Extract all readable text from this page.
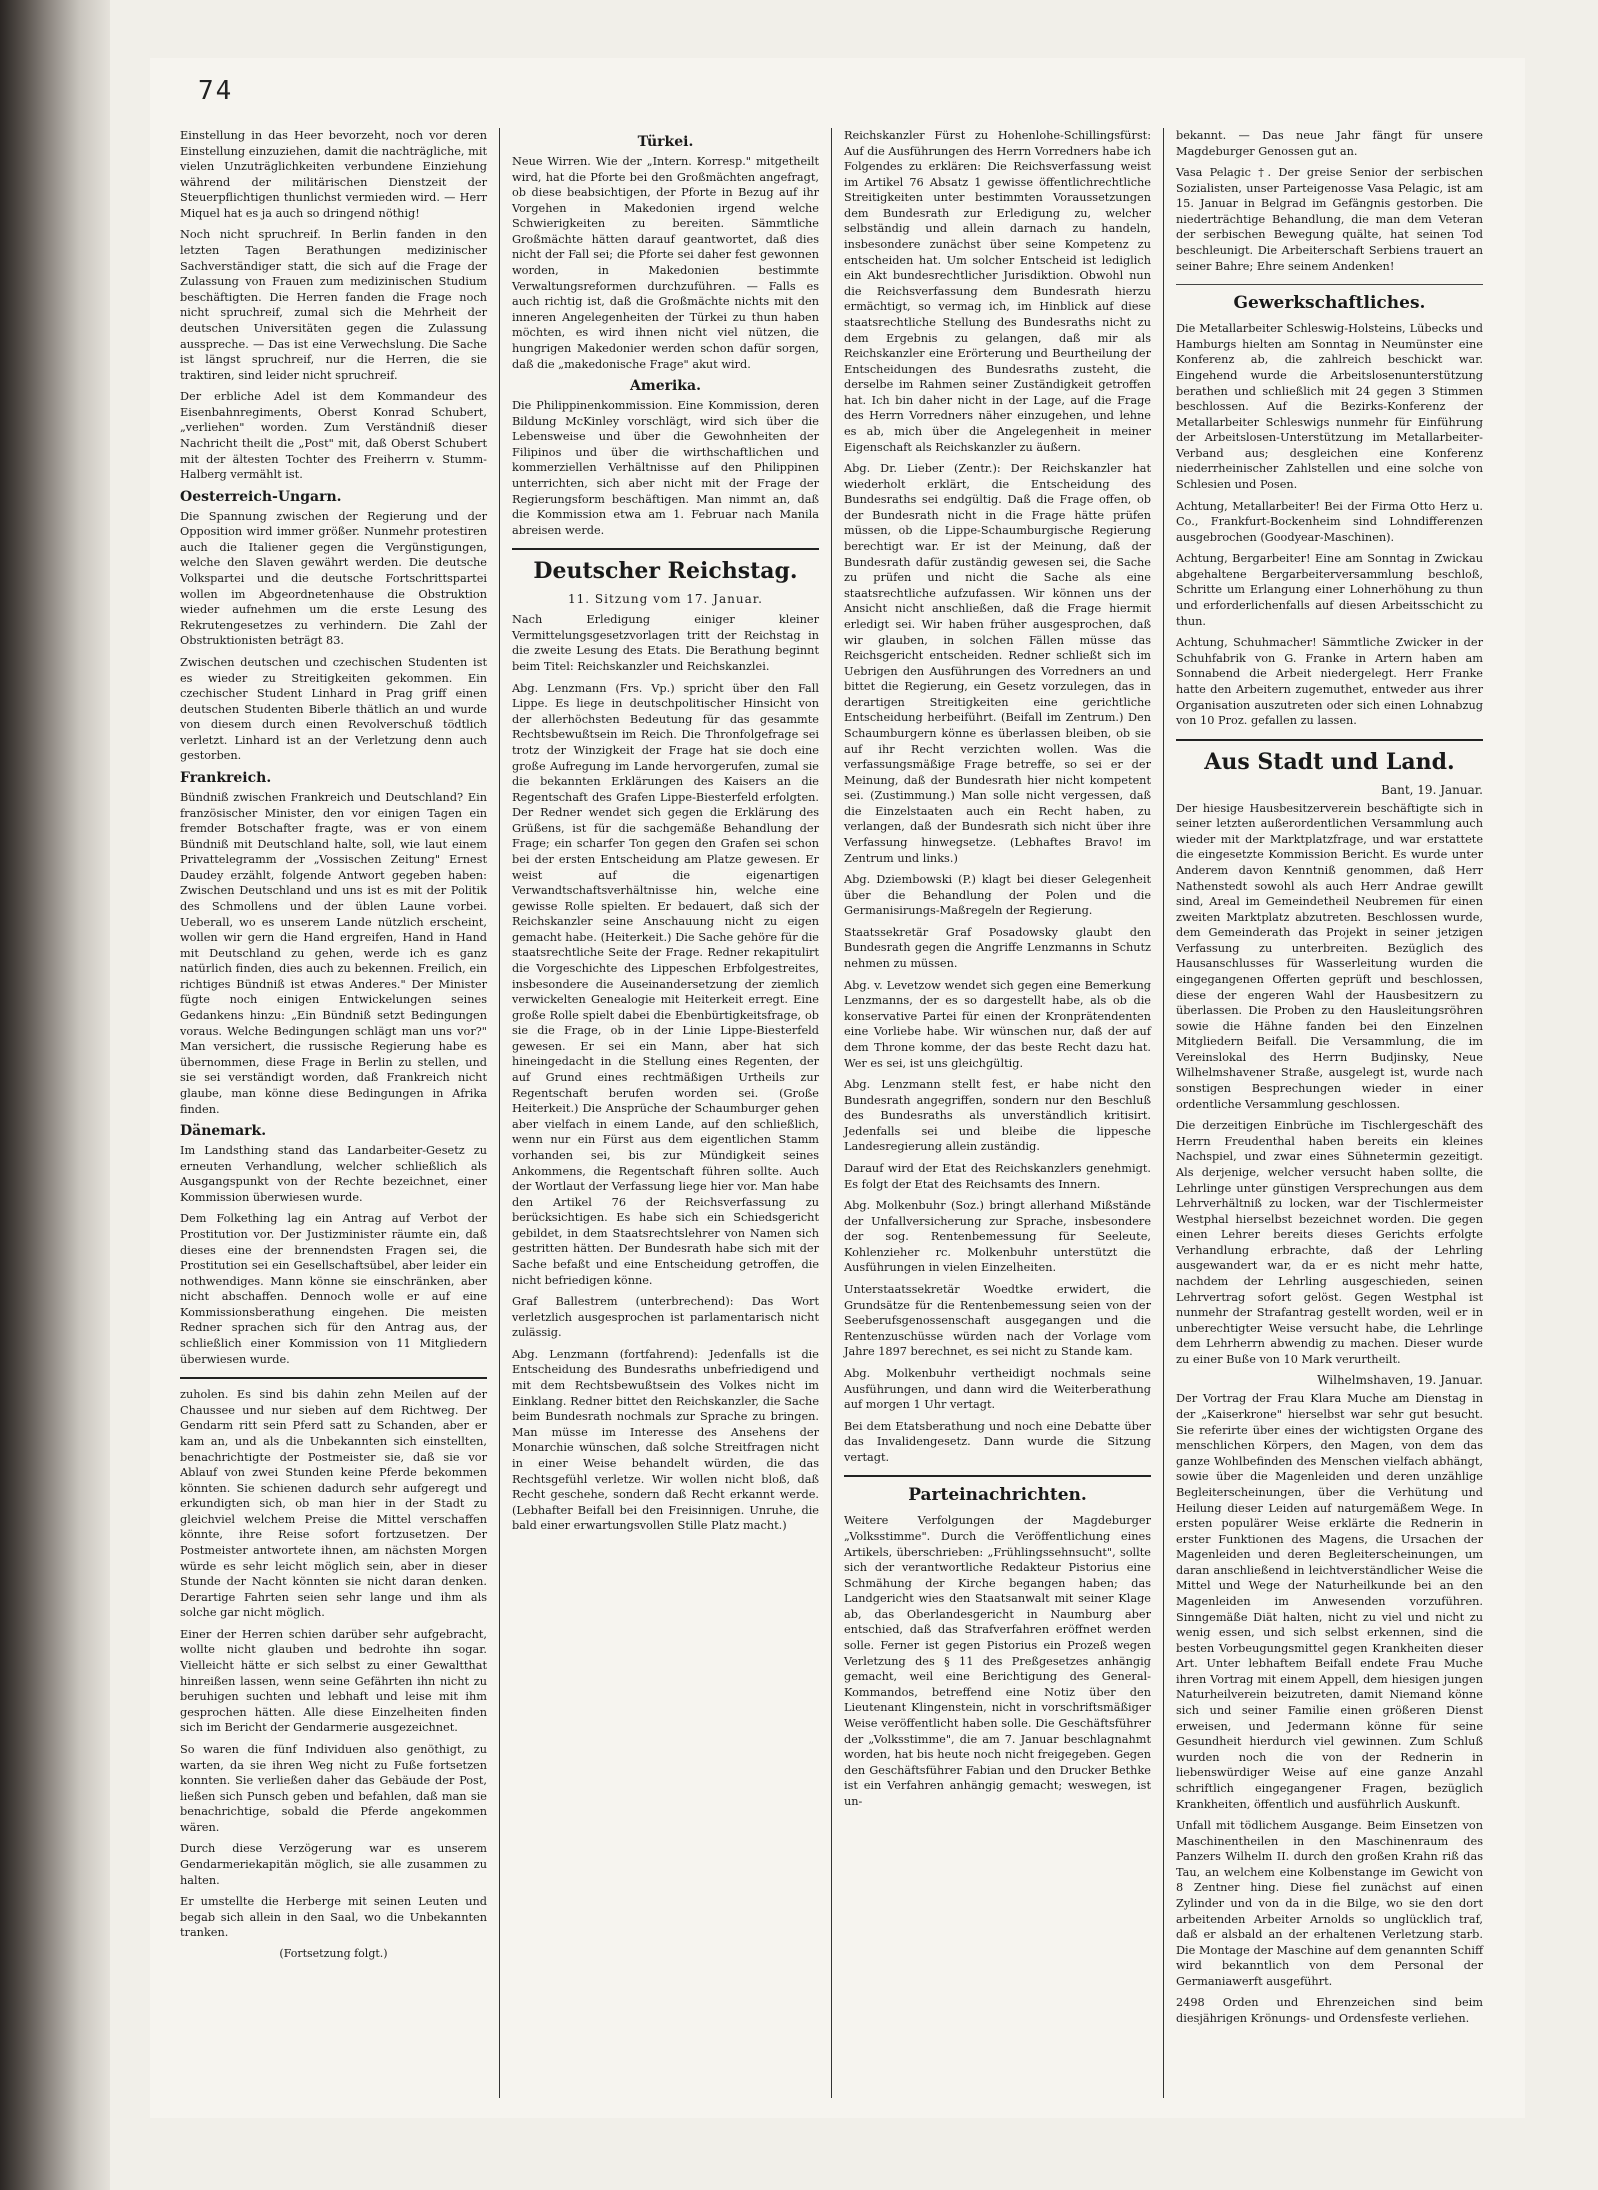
74

Einstellung in das Heer bevorzeht, noch vor deren Einstellung einzuziehen, damit die nachträgliche, mit vielen Unzuträglichkeiten verbundene Einziehung während der militärischen Dienstzeit der Steuerpflichtigen thunlichst vermieden wird. — Herr Miquel hat es ja auch so dringend nöthig!

Noch nicht spruchreif. In Berlin fanden in den letzten Tagen Berathungen medizinischer Sachverständiger statt, die sich auf die Frage der Zulassung von Frauen zum medizinischen Studium beschäftigten. Die Herren fanden die Frage noch nicht spruchreif, zumal sich die Mehrheit der deutschen Universitäten gegen die Zulassung ausspreche. — Das ist eine Verwechslung. Die Sache ist längst spruchreif, nur die Herren, die sie traktiren, sind leider nicht spruchreif.

Der erbliche Adel ist dem Kommandeur des Eisenbahnregiments, Oberst Konrad Schubert, „verliehen" worden. Zum Verständniß dieser Nachricht theilt die „Post" mit, daß Oberst Schubert mit der ältesten Tochter des Freiherrn v. Stumm-Halberg vermählt ist.

Oesterreich-Ungarn.

Die Spannung zwischen der Regierung und der Opposition wird immer größer. Nunmehr protestiren auch die Italiener gegen die Vergünstigungen, welche den Slaven gewährt werden. Die deutsche Volkspartei und die deutsche Fortschrittspartei wollen im Abgeordnetenhause die Obstruktion wieder aufnehmen um die erste Lesung des Rekrutengesetzes zu verhindern. Die Zahl der Obstruktionisten beträgt 83.

Zwischen deutschen und czechischen Studenten ist es wieder zu Streitigkeiten gekommen. Ein czechischer Student Linhard in Prag griff einen deutschen Studenten Biberle thätlich an und wurde von diesem durch einen Revolverschuß tödtlich verletzt. Linhard ist an der Verletzung denn auch gestorben.

Frankreich.

Bündniß zwischen Frankreich und Deutschland? Ein französischer Minister, den vor einigen Tagen ein fremder Botschafter fragte, was er von einem Bündniß mit Deutschland halte, soll, wie laut einem Privattelegramm der „Vossischen Zeitung" Ernest Daudey erzählt, folgende Antwort gegeben haben: Zwischen Deutschland und uns ist es mit der Politik des Schmollens und der üblen Laune vorbei. Ueberall, wo es unserem Lande nützlich erscheint, wollen wir gern die Hand ergreifen, Hand in Hand mit Deutschland zu gehen, werde ich es ganz natürlich finden, dies auch zu bekennen. Freilich, ein richtiges Bündniß ist etwas Anderes." Der Minister fügte noch einigen Entwickelungen seines Gedankens hinzu: „Ein Bündniß setzt Bedingungen voraus. Welche Bedingungen schlägt man uns vor?" Man versichert, die russische Regierung habe es übernommen, diese Frage in Berlin zu stellen, und sie sei verständigt worden, daß Frankreich nicht glaube, man könne diese Bedingungen in Afrika finden.

Dänemark.

Im Landsthing stand das Landarbeiter-Gesetz zu erneuten Verhandlung, welcher schließlich als Ausgangspunkt von der Rechte bezeichnet, einer Kommission überwiesen wurde.

Dem Folkething lag ein Antrag auf Verbot der Prostitution vor. Der Justizminister räumte ein, daß dieses eine der brennendsten Fragen sei, die Prostitution sei ein Gesellschaftsübel, aber leider ein nothwendiges. Mann könne sie einschränken, aber nicht abschaffen. Dennoch wolle er auf eine Kommissionsberathung eingehen. Die meisten Redner sprachen sich für den Antrag aus, der schließlich einer Kommission von 11 Mitgliedern überwiesen wurde.

zuholen. Es sind bis dahin zehn Meilen auf der Chaussee und nur sieben auf dem Richtweg. Der Gendarm ritt sein Pferd satt zu Schanden, aber er kam an, und als die Unbekannten sich einstellten, benachrichtigte der Postmeister sie, daß sie vor Ablauf von zwei Stunden keine Pferde bekommen könnten. Sie schienen dadurch sehr aufgeregt und erkundigten sich, ob man hier in der Stadt zu gleichviel welchem Preise die Mittel verschaffen könnte, ihre Reise sofort fortzusetzen. Der Postmeister antwortete ihnen, am nächsten Morgen würde es sehr leicht möglich sein, aber in dieser Stunde der Nacht könnten sie nicht daran denken. Derartige Fahrten seien sehr lange und ihm als solche gar nicht möglich.

Einer der Herren schien darüber sehr aufgebracht, wollte nicht glauben und bedrohte ihn sogar. Vielleicht hätte er sich selbst zu einer Gewaltthat hinreißen lassen, wenn seine Gefährten ihn nicht zu beruhigen suchten und lebhaft und leise mit ihm gesprochen hätten. Alle diese Einzelheiten finden sich im Bericht der Gendarmerie ausgezeichnet.

So waren die fünf Individuen also genöthigt, zu warten, da sie ihren Weg nicht zu Fuße fortsetzen konnten. Sie verließen daher das Gebäude der Post, ließen sich Punsch geben und befahlen, daß man sie benachrichtige, sobald die Pferde angekommen wären.

Durch diese Verzögerung war es unserem Gendarmeriekapitän möglich, sie alle zusammen zu halten.

Er umstellte die Herberge mit seinen Leuten und begab sich allein in den Saal, wo die Unbekannten tranken.

(Fortsetzung folgt.)
Türkei.

Neue Wirren. Wie der „Intern. Korresp." mitgetheilt wird, hat die Pforte bei den Großmächten angefragt, ob diese beabsichtigen, der Pforte in Bezug auf ihr Vorgehen in Makedonien irgend welche Schwierigkeiten zu bereiten. Sämmtliche Großmächte hätten darauf geantwortet, daß dies nicht der Fall sei; die Pforte sei daher fest gewonnen worden, in Makedonien bestimmte Verwaltungsreformen durchzuführen. — Falls es auch richtig ist, daß die Großmächte nichts mit den inneren Angelegenheiten der Türkei zu thun haben möchten, es wird ihnen nicht viel nützen, die hungrigen Makedonier werden schon dafür sorgen, daß die „makedonische Frage" akut wird.

Amerika.

Die Philippinenkommission. Eine Kommission, deren Bildung McKinley vorschlägt, wird sich über die Lebensweise und über die Gewohnheiten der Filipinos und über die wirthschaftlichen und kommerziellen Verhältnisse auf den Philippinen unterrichten, sich aber nicht mit der Frage der Regierungsform beschäftigen. Man nimmt an, daß die Kommission etwa am 1. Februar nach Manila abreisen werde.

Deutscher Reichstag.
11. Sitzung vom 17. Januar.

Nach Erledigung einiger kleiner Vermittelungsgesetzvorlagen tritt der Reichstag in die zweite Lesung des Etats. Die Berathung beginnt beim Titel: Reichskanzler und Reichskanzlei.

Abg. Lenzmann (Frs. Vp.) spricht über den Fall Lippe. Es liege in deutschpolitischer Hinsicht von der allerhöchsten Bedeutung für das gesammte Rechtsbewußtsein im Reich. Die Thronfolgefrage sei trotz der Winzigkeit der Frage hat sie doch eine große Aufregung im Lande hervorgerufen, zumal sie die bekannten Erklärungen des Kaisers an die Regentschaft des Grafen Lippe-Biesterfeld erfolgten. Der Redner wendet sich gegen die Erklärung des Grüßens, ist für die sachgemäße Behandlung der Frage; ein scharfer Ton gegen den Grafen sei schon bei der ersten Entscheidung am Platze gewesen. Er weist auf die eigenartigen Verwandtschaftsverhältnisse hin, welche eine gewisse Rolle spielten. Er bedauert, daß sich der Reichskanzler seine Anschauung nicht zu eigen gemacht habe. (Heiterkeit.) Die Sache gehöre für die staatsrechtliche Seite der Frage. Redner rekapitulirt die Vorgeschichte des Lippeschen Erbfolgestreites, insbesondere die Auseinandersetzung der ziemlich verwickelten Genealogie mit Heiterkeit erregt. Eine große Rolle spielt dabei die Ebenbürtigkeitsfrage, ob sie die Frage, ob in der Linie Lippe-Biesterfeld gewesen. Er sei ein Mann, aber hat sich hineingedacht in die Stellung eines Regenten, der auf Grund eines rechtmäßigen Urtheils zur Regentschaft berufen worden sei. (Große Heiterkeit.) Die Ansprüche der Schaumburger gehen aber vielfach in einem Lande, auf den schließlich, wenn nur ein Fürst aus dem eigentlichen Stamm vorhanden sei, bis zur Mündigkeit seines Ankommens, die Regentschaft führen sollte. Auch der Wortlaut der Verfassung liege hier vor. Man habe den Artikel 76 der Reichsverfassung zu berücksichtigen. Es habe sich ein Schiedsgericht gebildet, in dem Staatsrechtslehrer von Namen sich gestritten hätten. Der Bundesrath habe sich mit der Sache befaßt und eine Entscheidung getroffen, die nicht befriedigen könne.

Graf Ballestrem (unterbrechend): Das Wort verletzlich ausgesprochen ist parlamentarisch nicht zulässig.

Abg. Lenzmann (fortfahrend): Jedenfalls ist die Entscheidung des Bundesraths unbefriedigend und mit dem Rechtsbewußtsein des Volkes nicht im Einklang. Redner bittet den Reichskanzler, die Sache beim Bundesrath nochmals zur Sprache zu bringen. Man müsse im Interesse des Ansehens der Monarchie wünschen, daß solche Streitfragen nicht in einer Weise behandelt würden, die das Rechtsgefühl verletze. Wir wollen nicht bloß, daß Recht geschehe, sondern daß Recht erkannt werde. (Lebhafter Beifall bei den Freisinnigen. Unruhe, die bald einer erwartungsvollen Stille Platz macht.)

Reichskanzler Fürst zu Hohenlohe-Schillingsfürst: Auf die Ausführungen des Herrn Vorredners habe ich Folgendes zu erklären: Die Reichsverfassung weist im Artikel 76 Absatz 1 gewisse öffentlichrechtliche Streitigkeiten unter bestimmten Voraussetzungen dem Bundesrath zur Erledigung zu, welcher selbständig und allein darnach zu handeln, insbesondere zunächst über seine Kompetenz zu entscheiden hat. Um solcher Entscheid ist lediglich ein Akt bundesrechtlicher Jurisdiktion. Obwohl nun die Reichsverfassung dem Bundesrath hierzu ermächtigt, so vermag ich, im Hinblick auf diese staatsrechtliche Stellung des Bundesraths nicht zu dem Ergebnis zu gelangen, daß mir als Reichskanzler eine Erörterung und Beurtheilung der Entscheidungen des Bundesraths zusteht, die derselbe im Rahmen seiner Zuständigkeit getroffen hat. Ich bin daher nicht in der Lage, auf die Frage des Herrn Vorredners näher einzugehen, und lehne es ab, mich über die Angelegenheit in meiner Eigenschaft als Reichskanzler zu äußern.

Abg. Dr. Lieber (Zentr.): Der Reichskanzler hat wiederholt erklärt, die Entscheidung des Bundesraths sei endgültig. Daß die Frage offen, ob der Bundesrath nicht in die Frage hätte prüfen müssen, ob die Lippe-Schaumburgische Regierung berechtigt war. Er ist der Meinung, daß der Bundesrath dafür zuständig gewesen sei, die Sache zu prüfen und nicht die Sache als eine staatsrechtliche aufzufassen. Wir können uns der Ansicht nicht anschließen, daß die Frage hiermit erledigt sei. Wir haben früher ausgesprochen, daß wir glauben, in solchen Fällen müsse das Reichsgericht entscheiden. Redner schließt sich im Uebrigen den Ausführungen des Vorredners an und bittet die Regierung, ein Gesetz vorzulegen, das in derartigen Streitigkeiten eine gerichtliche Entscheidung herbeiführt. (Beifall im Zentrum.) Den Schaumburgern könne es überlassen bleiben, ob sie auf ihr Recht verzichten wollen. Was die verfassungsmäßige Frage betreffe, so sei er der Meinung, daß der Bundesrath hier nicht kompetent sei. (Zustimmung.) Man solle nicht vergessen, daß die Einzelstaaten auch ein Recht haben, zu verlangen, daß der Bundesrath sich nicht über ihre Verfassung hinwegsetze. (Lebhaftes Bravo! im Zentrum und links.)

Abg. Dziembowski (P.) klagt bei dieser Gelegenheit über die Behandlung der Polen und die Germanisirungs-Maßregeln der Regierung.

Staatssekretär Graf Posadowsky glaubt den Bundesrath gegen die Angriffe Lenzmanns in Schutz nehmen zu müssen.

Abg. v. Levetzow wendet sich gegen eine Bemerkung Lenzmanns, der es so dargestellt habe, als ob die konservative Partei für einen der Kronprätendenten eine Vorliebe habe. Wir wünschen nur, daß der auf dem Throne komme, der das beste Recht dazu hat. Wer es sei, ist uns gleichgültig.

Abg. Lenzmann stellt fest, er habe nicht den Bundesrath angegriffen, sondern nur den Beschluß des Bundesraths als unverständlich kritisirt. Jedenfalls sei und bleibe die lippesche Landesregierung allein zuständig.

Darauf wird der Etat des Reichskanzlers genehmigt. Es folgt der Etat des Reichsamts des Innern.

Abg. Molkenbuhr (Soz.) bringt allerhand Mißstände der Unfallversicherung zur Sprache, insbesondere der sog. Rentenbemessung für Seeleute, Kohlenzieher rc. Molkenbuhr unterstützt die Ausführungen in vielen Einzelheiten.

Unterstaatssekretär Woedtke erwidert, die Grundsätze für die Rentenbemessung seien von der Seeberufsgenossenschaft ausgegangen und die Rentenzuschüsse würden nach der Vorlage vom Jahre 1897 berechnet, es sei nicht zu Stande kam.

Abg. Molkenbuhr vertheidigt nochmals seine Ausführungen, und dann wird die Weiterberathung auf morgen 1 Uhr vertagt.

Bei dem Etatsberathung und noch eine Debatte über das Invalidengesetz. Dann wurde die Sitzung vertagt.

Parteinachrichten.

Weitere Verfolgungen der Magdeburger „Volksstimme". Durch die Veröffentlichung eines Artikels, überschrieben: „Frühlingssehnsucht", sollte sich der verantwortliche Redakteur Pistorius eine Schmähung der Kirche begangen haben; das Landgericht wies den Staatsanwalt mit seiner Klage ab, das Oberlandesgericht in Naumburg aber entschied, daß das Strafverfahren eröffnet werden solle. Ferner ist gegen Pistorius ein Prozeß wegen Verletzung des § 11 des Preßgesetzes anhängig gemacht, weil eine Berichtigung des General-Kommandos, betreffend eine Notiz über den Lieutenant Klingenstein, nicht in vorschriftsmäßiger Weise veröffentlicht haben solle. Die Geschäftsführer der „Volksstimme", die am 7. Januar beschlagnahmt worden, hat bis heute noch nicht freigegeben. Gegen den Geschäftsführer Fabian und den Drucker Bethke ist ein Verfahren anhängig gemacht; weswegen, ist un-

bekannt. — Das neue Jahr fängt für unsere Magdeburger Genossen gut an.

Vasa Pelagic †. Der greise Senior der serbischen Sozialisten, unser Parteigenosse Vasa Pelagic, ist am 15. Januar in Belgrad im Gefängnis gestorben. Die niederträchtige Behandlung, die man dem Veteran der serbischen Bewegung quälte, hat seinen Tod beschleunigt. Die Arbeiterschaft Serbiens trauert an seiner Bahre; Ehre seinem Andenken!

Gewerkschaftliches.

Die Metallarbeiter Schleswig-Holsteins, Lübecks und Hamburgs hielten am Sonntag in Neumünster eine Konferenz ab, die zahlreich beschickt war. Eingehend wurde die Arbeitslosenunterstützung berathen und schließlich mit 24 gegen 3 Stimmen beschlossen. Auf die Bezirks-Konferenz der Metallarbeiter Schleswigs nunmehr für Einführung der Arbeitslosen-Unterstützung im Metallarbeiter-Verband aus; desgleichen eine Konferenz niederrheinischer Zahlstellen und eine solche von Schlesien und Posen.

Achtung, Metallarbeiter! Bei der Firma Otto Herz u. Co., Frankfurt-Bockenheim sind Lohndifferenzen ausgebrochen (Goodyear-Maschinen).

Achtung, Bergarbeiter! Eine am Sonntag in Zwickau abgehaltene Bergarbeiterversammlung beschloß, Schritte um Erlangung einer Lohnerhöhung zu thun und erforderlichenfalls auf diesen Arbeitsschicht zu thun.

Achtung, Schuhmacher! Sämmtliche Zwicker in der Schuhfabrik von G. Franke in Artern haben am Sonnabend die Arbeit niedergelegt. Herr Franke hatte den Arbeitern zugemuthet, entweder aus ihrer Organisation auszutreten oder sich einen Lohnabzug von 10 Proz. gefallen zu lassen.

Aus Stadt und Land.
Bant, 19. Januar.

Der hiesige Hausbesitzerverein beschäftigte sich in seiner letzten außerordentlichen Versammlung auch wieder mit der Marktplatzfrage, und war erstattete die eingesetzte Kommission Bericht. Es wurde unter Anderem davon Kenntniß genommen, daß Herr Nathenstedt sowohl als auch Herr Andrae gewillt sind, Areal im Gemeindetheil Neubremen für einen zweiten Marktplatz abzutreten. Beschlossen wurde, dem Gemeinderath das Projekt in seiner jetzigen Verfassung zu unterbreiten. Bezüglich des Hausanschlusses für Wasserleitung wurden die eingegangenen Offerten geprüft und beschlossen, diese der engeren Wahl der Hausbesitzern zu überlassen. Die Proben zu den Hausleitungsröhren sowie die Hähne fanden bei den Einzelnen Mitgliedern Beifall. Die Versammlung, die im Vereinslokal des Herrn Budjinsky, Neue Wilhelmshavener Straße, ausgelegt ist, wurde nach sonstigen Besprechungen wieder in einer ordentliche Versammlung geschlossen.

Die derzeitigen Einbrüche im Tischlergeschäft des Herrn Freudenthal haben bereits ein kleines Nachspiel, und zwar eines Sühnetermin gezeitigt. Als derjenige, welcher versucht haben sollte, die Lehrlinge unter günstigen Versprechungen aus dem Lehrverhältniß zu locken, war der Tischlermeister Westphal hierselbst bezeichnet worden. Die gegen einen Lehrer bereits dieses Gerichts erfolgte Verhandlung erbrachte, daß der Lehrling ausgewandert war, da er es nicht mehr hatte, nachdem der Lehrling ausgeschieden, seinen Lehrvertrag sofort gelöst. Gegen Westphal ist nunmehr der Strafantrag gestellt worden, weil er in unberechtigter Weise versucht habe, die Lehrlinge dem Lehrherrn abwendig zu machen. Dieser wurde zu einer Buße von 10 Mark verurtheilt.

Wilhelmshaven, 19. Januar.

Der Vortrag der Frau Klara Muche am Dienstag in der „Kaiserkrone" hierselbst war sehr gut besucht. Sie referirte über eines der wichtigsten Organe des menschlichen Körpers, den Magen, von dem das ganze Wohlbefinden des Menschen vielfach abhängt, sowie über die Magenleiden und deren unzählige Begleiterscheinungen, über die Verhütung und Heilung dieser Leiden auf naturgemäßem Wege. In ersten populärer Weise erklärte die Rednerin in erster Funktionen des Magens, die Ursachen der Magenleiden und deren Begleiterscheinungen, um daran anschließend in leichtverständlicher Weise die Mittel und Wege der Naturheilkunde bei an den Magenleiden im Anwesenden vorzuführen. Sinngemäße Diät halten, nicht zu viel und nicht zu wenig essen, und sich selbst erkennen, sind die besten Vorbeugungsmittel gegen Krankheiten dieser Art. Unter lebhaftem Beifall endete Frau Muche ihren Vortrag mit einem Appell, dem hiesigen jungen Naturheilverein beizutreten, damit Niemand könne sich und seiner Familie einen größeren Dienst erweisen, und Jedermann könne für seine Gesundheit hierdurch viel gewinnen. Zum Schluß wurden noch die von der Rednerin in liebenswürdiger Weise auf eine ganze Anzahl schriftlich eingegangener Fragen, bezüglich Krankheiten, öffentlich und ausführlich Auskunft.

Unfall mit tödlichem Ausgange. Beim Einsetzen von Maschinentheilen in den Maschinenraum des Panzers Wilhelm II. durch den großen Krahn riß das Tau, an welchem eine Kolbenstange im Gewicht von 8 Zentner hing. Diese fiel zunächst auf einen Zylinder und von da in die Bilge, wo sie den dort arbeitenden Arbeiter Arnolds so unglücklich traf, daß er alsbald an der erhaltenen Verletzung starb. Die Montage der Maschine auf dem genannten Schiff wird bekanntlich von dem Personal der Germaniawerft ausgeführt.

2498 Orden und Ehrenzeichen sind beim diesjährigen Krönungs- und Ordensfeste verliehen.
